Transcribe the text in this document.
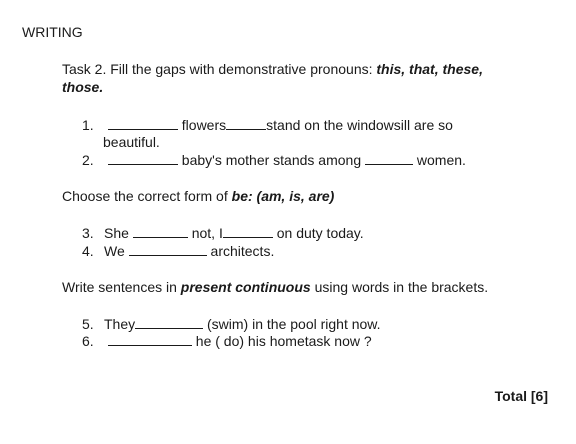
WRITING
Task 2. Fill the gaps with demonstrative pronouns: this, that, these,
those.
1.	flowers	stand on the windowsill are so
beautiful.
2.	baby's mother stands among	women.
Choose the correct form of be: (am, is, are)
3. She	not, I	on duty today.
4. We	architects.
Write sentences in present continuous using words in the brackets.
5. They	(swim) in the pool right now.
6.	he ( do) his hometask now ?
Total [6]
